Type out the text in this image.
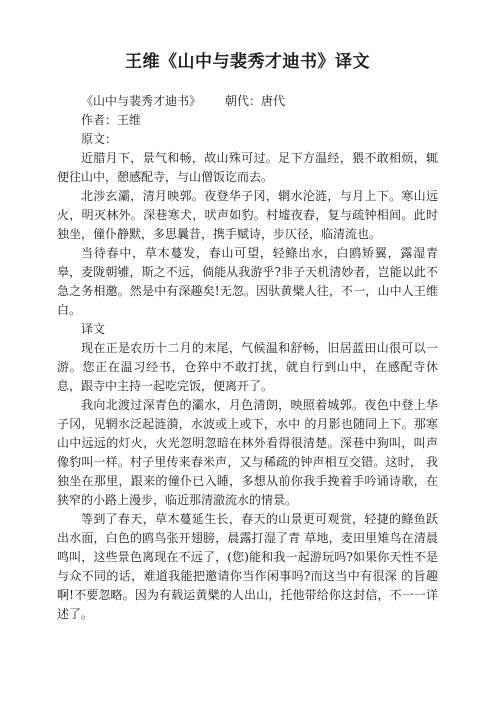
王维《山中与裴秀才迪书》译文

《山中与裴秀才迪书》 朝代：唐代

作者：王维

原文：

近腊月下，景气和畅，故山殊可过。足下方温经，猥不敢相烦，辄便往山中，憩感配寺，与山僧饭讫而去。

北涉玄灞，清月映郭。夜登华子冈，辋水沦涟，与月上下。寒山远火，明灭林外。深巷寒犬，吠声如豹。村墟夜舂，复与疏钟相间。此时独坐，僮仆静默，多思曩昔，携手赋诗，步仄径，临清流也。

当待春中，草木蔓发，春山可望，轻鲦出水，白鸥矫翼，露湿青皋，麦陇朝雊，斯之不远，倘能从我游乎?非子天机清妙者，岂能以此不急之务相邀。然是中有深趣矣!无忽。因驮黄檗人往，不一，山中人王维白。

译文

现在正是农历十二月的末尾，气候温和舒畅，旧居蓝田山很可以一游。您正在温习经书，仓猝中不敢打扰，就自行到山中，在感配寺休息，跟寺中主持一起吃完饭，便离开了。

我向北渡过深青色的灞水，月色清朗，映照着城郭。夜色中登上华子冈，见辋水泛起涟漪，水波或上或下，水中 的月影也随同上下。那寒山中远远的灯火，火光忽明忽暗在林外看得很清楚。深巷中狗叫，叫声像豹叫一样。村子里传来春米声，又与稀疏的钟声相互交错。这时， 我独坐在那里，跟来的僮仆已入睡，多想从前你我手挽着手吟诵诗歌，在狭窄的小路上漫步，临近那清澈流水的情景。

等到了春天，草木蔓延生长，春天的山景更可观赏，轻捷的鲦鱼跃出水面，白色的鸥鸟张开翅膀，晨露打湿了青 草地，麦田里雉鸟在清晨鸣叫，这些景色离现在不远了，(您)能和我一起游玩吗?如果你天性不是与众不同的话，难道我能把邀请你当作闲事吗?而这当中有很深 的旨趣啊!不要忽略。因为有载运黄檗的人出山，托他带给你这封信，不一一详述了。
